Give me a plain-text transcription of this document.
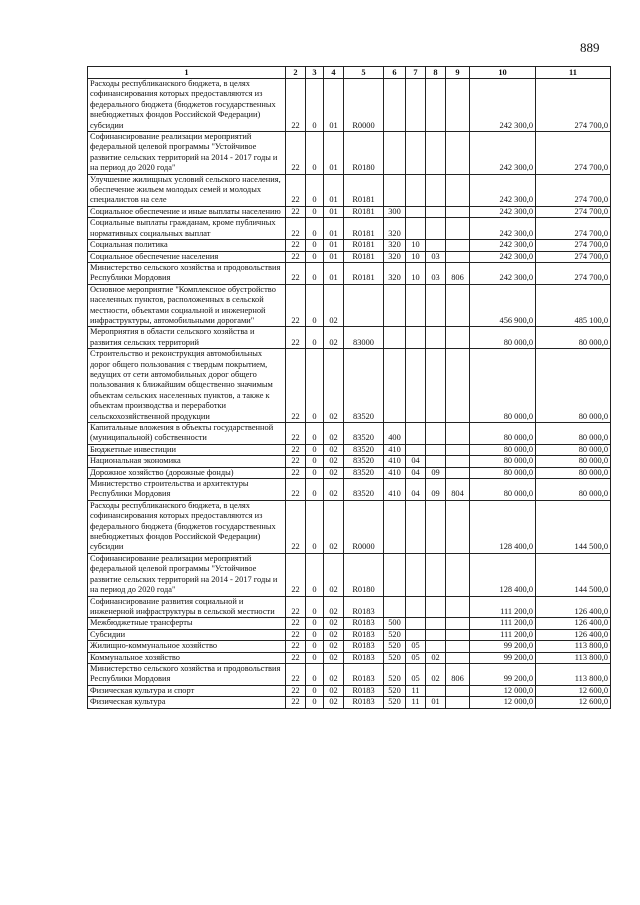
889
1	2	3	4	5	6	7	8	9	10	11
Расходы республиканского бюджета, в целях софинансирования которых предоставляются из федерального бюджета (бюджетов государственных внебюджетных фондов Российской Федерации) субсидии	22	0	01	R0000					242 300,0	274 700,0
Софинансирование реализации мероприятий федеральной целевой программы "Устойчивое развитие сельских территорий на 2014 - 2017 годы и на период до 2020 года"	22	0	01	R0180					242 300,0	274 700,0
Улучшение жилищных условий сельского населения, обеспечение жильем молодых семей и молодых специалистов на селе	22	0	01	R0181					242 300,0	274 700,0
Социальное обеспечение и иные выплаты населению	22	0	01	R0181	300				242 300,0	274 700,0
Социальные выплаты гражданам, кроме публичных нормативных социальных выплат	22	0	01	R0181	320				242 300,0	274 700,0
Социальная политика	22	0	01	R0181	320	10			242 300,0	274 700,0
Социальное обеспечение населения	22	0	01	R0181	320	10	03		242 300,0	274 700,0
Министерство сельского хозяйства и продовольствия Республики Мордовия	22	0	01	R0181	320	10	03	806	242 300,0	274 700,0
Основное мероприятие "Комплексное обустройство населенных пунктов, расположенных в сельской местности, объектами социальной и инженерной инфраструктуры, автомобильными дорогами"	22	0	02						456 900,0	485 100,0
Мероприятия в области сельского хозяйства и развития сельских территорий	22	0	02	83000					80 000,0	80 000,0
Строительство и реконструкция автомобильных дорог общего пользования с твердым покрытием, ведущих от сети автомобильных дорог общего пользования к ближайшим общественно значимым объектам сельских населенных пунктов, а также к объектам производства и переработки сельскохозяйственной продукции	22	0	02	83520					80 000,0	80 000,0
Капитальные вложения в объекты государственной (муниципальной) собственности	22	0	02	83520	400				80 000,0	80 000,0
Бюджетные инвестиции	22	0	02	83520	410				80 000,0	80 000,0
Национальная экономика	22	0	02	83520	410	04			80 000,0	80 000,0
Дорожное хозяйство (дорожные фонды)	22	0	02	83520	410	04	09		80 000,0	80 000,0
Министерство строительства и архитектуры Республики Мордовия	22	0	02	83520	410	04	09	804	80 000,0	80 000,0
Расходы республиканского бюджета, в целях софинансирования которых предоставляются из федерального бюджета (бюджетов государственных внебюджетных фондов Российской Федерации) субсидии	22	0	02	R0000					128 400,0	144 500,0
Софинансирование реализации мероприятий федеральной целевой программы "Устойчивое развитие сельских территорий на 2014 - 2017 годы и на период до 2020 года"	22	0	02	R0180					128 400,0	144 500,0
Софинансирование развития социальной и инженерной инфраструктуры в сельской местности	22	0	02	R0183					111 200,0	126 400,0
Межбюджетные трансферты	22	0	02	R0183	500				111 200,0	126 400,0
Субсидии	22	0	02	R0183	520				111 200,0	126 400,0
Жилищно-коммунальное хозяйство	22	0	02	R0183	520	05			99 200,0	113 800,0
Коммунальное хозяйство	22	0	02	R0183	520	05	02		99 200,0	113 800,0
Министерство сельского хозяйства и продовольствия Республики Мордовия	22	0	02	R0183	520	05	02	806	99 200,0	113 800,0
Физическая культура и спорт	22	0	02	R0183	520	11			12 000,0	12 600,0
Физическая культура	22	0	02	R0183	520	11	01		12 000,0	12 600,0
